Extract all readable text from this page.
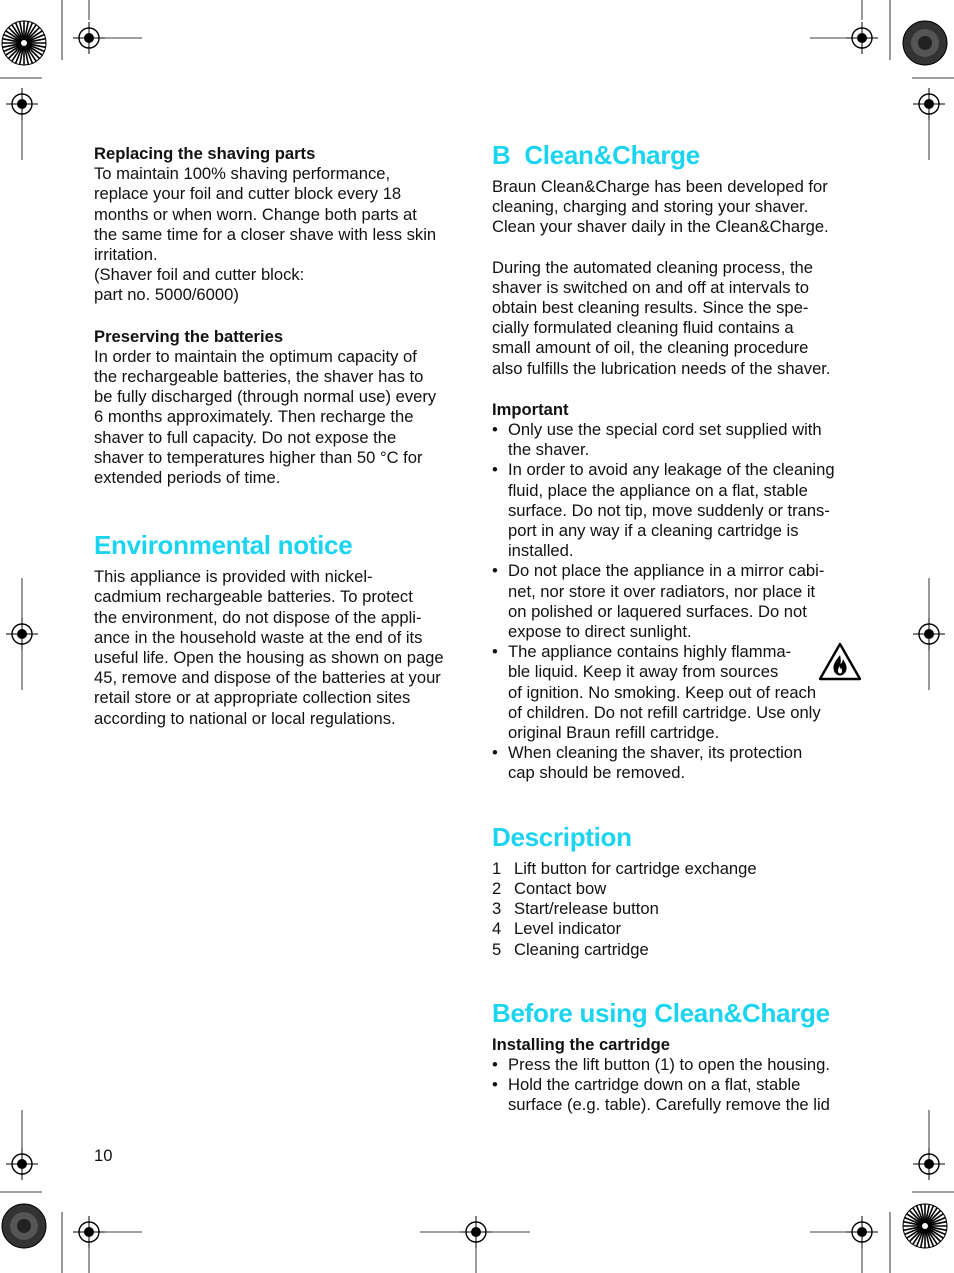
Replacing the shaving parts

To maintain 100% shaving performance,
replace your foil and cutter block every 18
months or when worn. Change both parts at
the same time for a closer shave with less skin
irritation.
(Shaver foil and cutter block:
part no. 5000/6000)

Preserving the batteries

In order to maintain the optimum capacity of
the rechargeable batteries, the shaver has to
be fully discharged (through normal use) every
6 months approximately. Then recharge the
shaver to full capacity. Do not expose the
shaver to temperatures higher than 50 °C for
extended periods of time.
Environmental notice
This appliance is provided with nickel-
cadmium rechargeable batteries. To protect
the environment, do not dispose of the appli-
ance in the household waste at the end of its
useful life. Open the housing as shown on page
45, remove and dispose of the batteries at your
retail store or at appropriate collection sites
according to national or local regulations.
B  Clean&Charge
Braun Clean&Charge has been developed for
cleaning, charging and storing your shaver.
Clean your shaver daily in the Clean&Charge.
During the automated cleaning process, the
shaver is switched on and off at intervals to
obtain best cleaning results. Since the spe-
cially formulated cleaning fluid contains a
small amount of oil, the cleaning procedure
also fulfills the lubrication needs of the shaver.

Important

• Only use the special cord set supplied with
the shaver.
• In order to avoid any leakage of the cleaning
fluid, place the appliance on a flat, stable
surface. Do not tip, move suddenly or trans-
port in any way if a cleaning cartridge is
installed.
• Do not place the appliance in a mirror cabi-
net, nor store it over radiators, nor place it
on polished or laquered surfaces. Do not
expose to direct sunlight.
• The appliance contains highly flamma-
ble liquid. Keep it away from sources
of ignition. No smoking. Keep out of reach
of children. Do not refill cartridge. Use only
original Braun refill cartridge.
• When cleaning the shaver, its protection
cap should be removed.
Description
1 Lift button for cartridge exchange
2 Contact bow
3 Start/release button
4 Level indicator
5 Cleaning cartridge
Before using Clean&Charge

Installing the cartridge

• Press the lift button (1) to open the housing.
• Hold the cartridge down on a flat, stable
surface (e.g. table). Carefully remove the lid
10
